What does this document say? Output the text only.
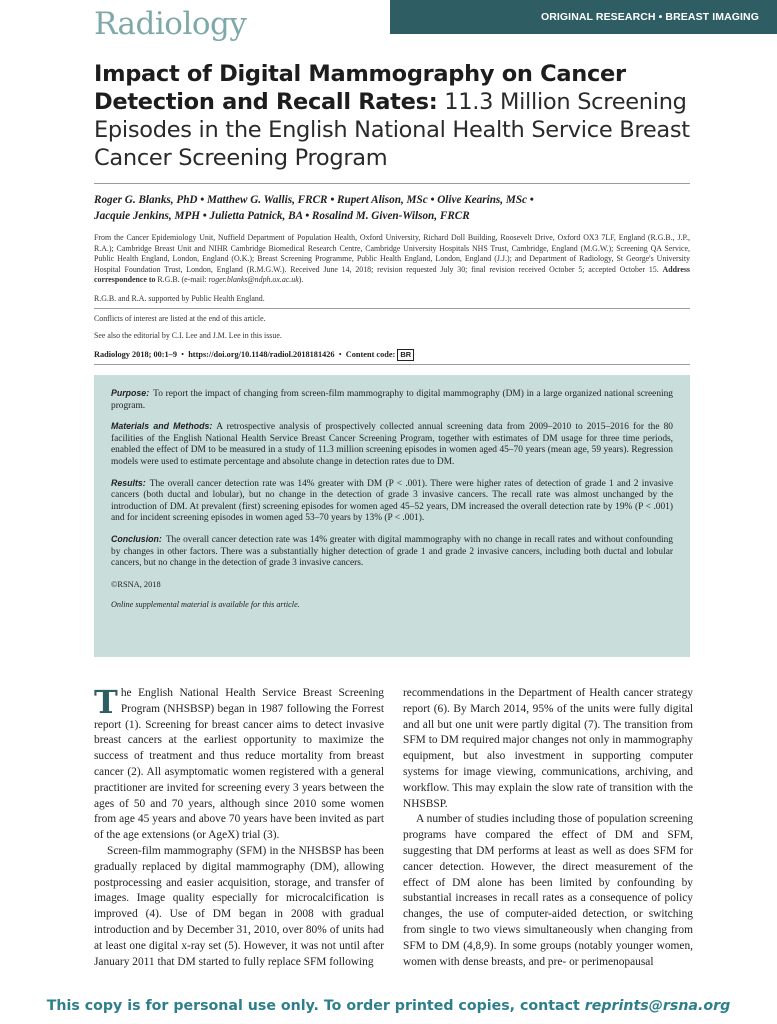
Radiology	ORIGINAL RESEARCH • BREAST IMAGING
Impact of Digital Mammography on Cancer Detection and Recall Rates: 11.3 Million Screening Episodes in the English National Health Service Breast Cancer Screening Program
Roger G. Blanks, PhD • Matthew G. Wallis, FRCR • Rupert Alison, MSc • Olive Kearins, MSc •
Jacquie Jenkins, MPH • Julietta Patnick, BA • Rosalind M. Given-Wilson, FRCR
From the Cancer Epidemiology Unit, Nuffield Department of Population Health, Oxford University, Richard Doll Building, Roosevelt Drive, Oxford OX3 7LF, England (R.G.B., J.P., R.A.); Cambridge Breast Unit and NIHR Cambridge Biomedical Research Centre, Cambridge University Hospitals NHS Trust, Cambridge, England (M.G.W.); Screening QA Service, Public Health England, London, England (O.K.); Breast Screening Programme, Public Health England, London, England (J.J.); and Department of Radiology, St George's University Hospital Foundation Trust, London, England (R.M.G.W.). Received June 14, 2018; revision requested July 30; final revision received October 5; accepted October 15. Address correspondence to R.G.B. (e-mail: roger.blanks@ndph.ox.ac.uk).
R.G.B. and R.A. supported by Public Health England.
Conflicts of interest are listed at the end of this article.
See also the editorial by C.I. Lee and J.M. Lee in this issue.
Radiology 2018; 00:1–9  •  https://doi.org/10.1148/radiol.2018181426  •  Content code: BR
Purpose: To report the impact of changing from screen-film mammography to digital mammography (DM) in a large organized national screening program.
Materials and Methods: A retrospective analysis of prospectively collected annual screening data from 2009–2010 to 2015–2016 for the 80 facilities of the English National Health Service Breast Cancer Screening Program, together with estimates of DM usage for three time periods, enabled the effect of DM to be measured in a study of 11.3 million screening episodes in women aged 45–70 years (mean age, 59 years). Regression models were used to estimate percentage and absolute change in detection rates due to DM.
Results: The overall cancer detection rate was 14% greater with DM (P < .001). There were higher rates of detection of grade 1 and 2 invasive cancers (both ductal and lobular), but no change in the detection of grade 3 invasive cancers. The recall rate was almost unchanged by the introduction of DM. At prevalent (first) screening episodes for women aged 45–52 years, DM increased the overall detection rate by 19% (P < .001) and for incident screening episodes in women aged 53–70 years by 13% (P < .001).
Conclusion: The overall cancer detection rate was 14% greater with digital mammography with no change in recall rates and without confounding by changes in other factors. There was a substantially higher detection of grade 1 and grade 2 invasive cancers, including both ductal and lobular cancers, but no change in the detection of grade 3 invasive cancers.
©RSNA, 2018
Online supplemental material is available for this article.

The English National Health Service Breast Screening Program (NHSBSP) began in 1987 following the Forrest report (1). Screening for breast cancer aims to detect invasive breast cancers at the earliest opportunity to maximize the success of treatment and thus reduce mortality from breast cancer (2). All asymptomatic women registered with a general practitioner are invited for screening every 3 years between the ages of 50 and 70 years, although since 2010 some women from age 45 years and above 70 years have been invited as part of the age extensions (or AgeX) trial (3).

Screen-film mammography (SFM) in the NHSBSP has been gradually replaced by digital mammography (DM), allowing postprocessing and easier acquisition, storage, and transfer of images. Image quality especially for microcalcification is improved (4). Use of DM began in 2008 with gradual introduction and by December 31, 2010, over 80% of units had at least one digital x-ray set (5). However, it was not until after January 2011 that DM started to fully replace SFM following

recommendations in the Department of Health cancer strategy report (6). By March 2014, 95% of the units were fully digital and all but one unit were partly digital (7). The transition from SFM to DM required major changes not only in mammography equipment, but also investment in supporting computer systems for image viewing, communications, archiving, and workflow. This may explain the slow rate of transition with the NHSBSP.

A number of studies including those of population screening programs have compared the effect of DM and SFM, suggesting that DM performs at least as well as does SFM for cancer detection. However, the direct measurement of the effect of DM alone has been limited by confounding by substantial increases in recall rates as a consequence of policy changes, the use of computer-aided detection, or switching from single to two views simultaneously when changing from SFM to DM (4,8,9). In some groups (notably younger women, women with dense breasts, and pre- or perimenopausal

This copy is for personal use only. To order printed copies, contact reprints@rsna.org
